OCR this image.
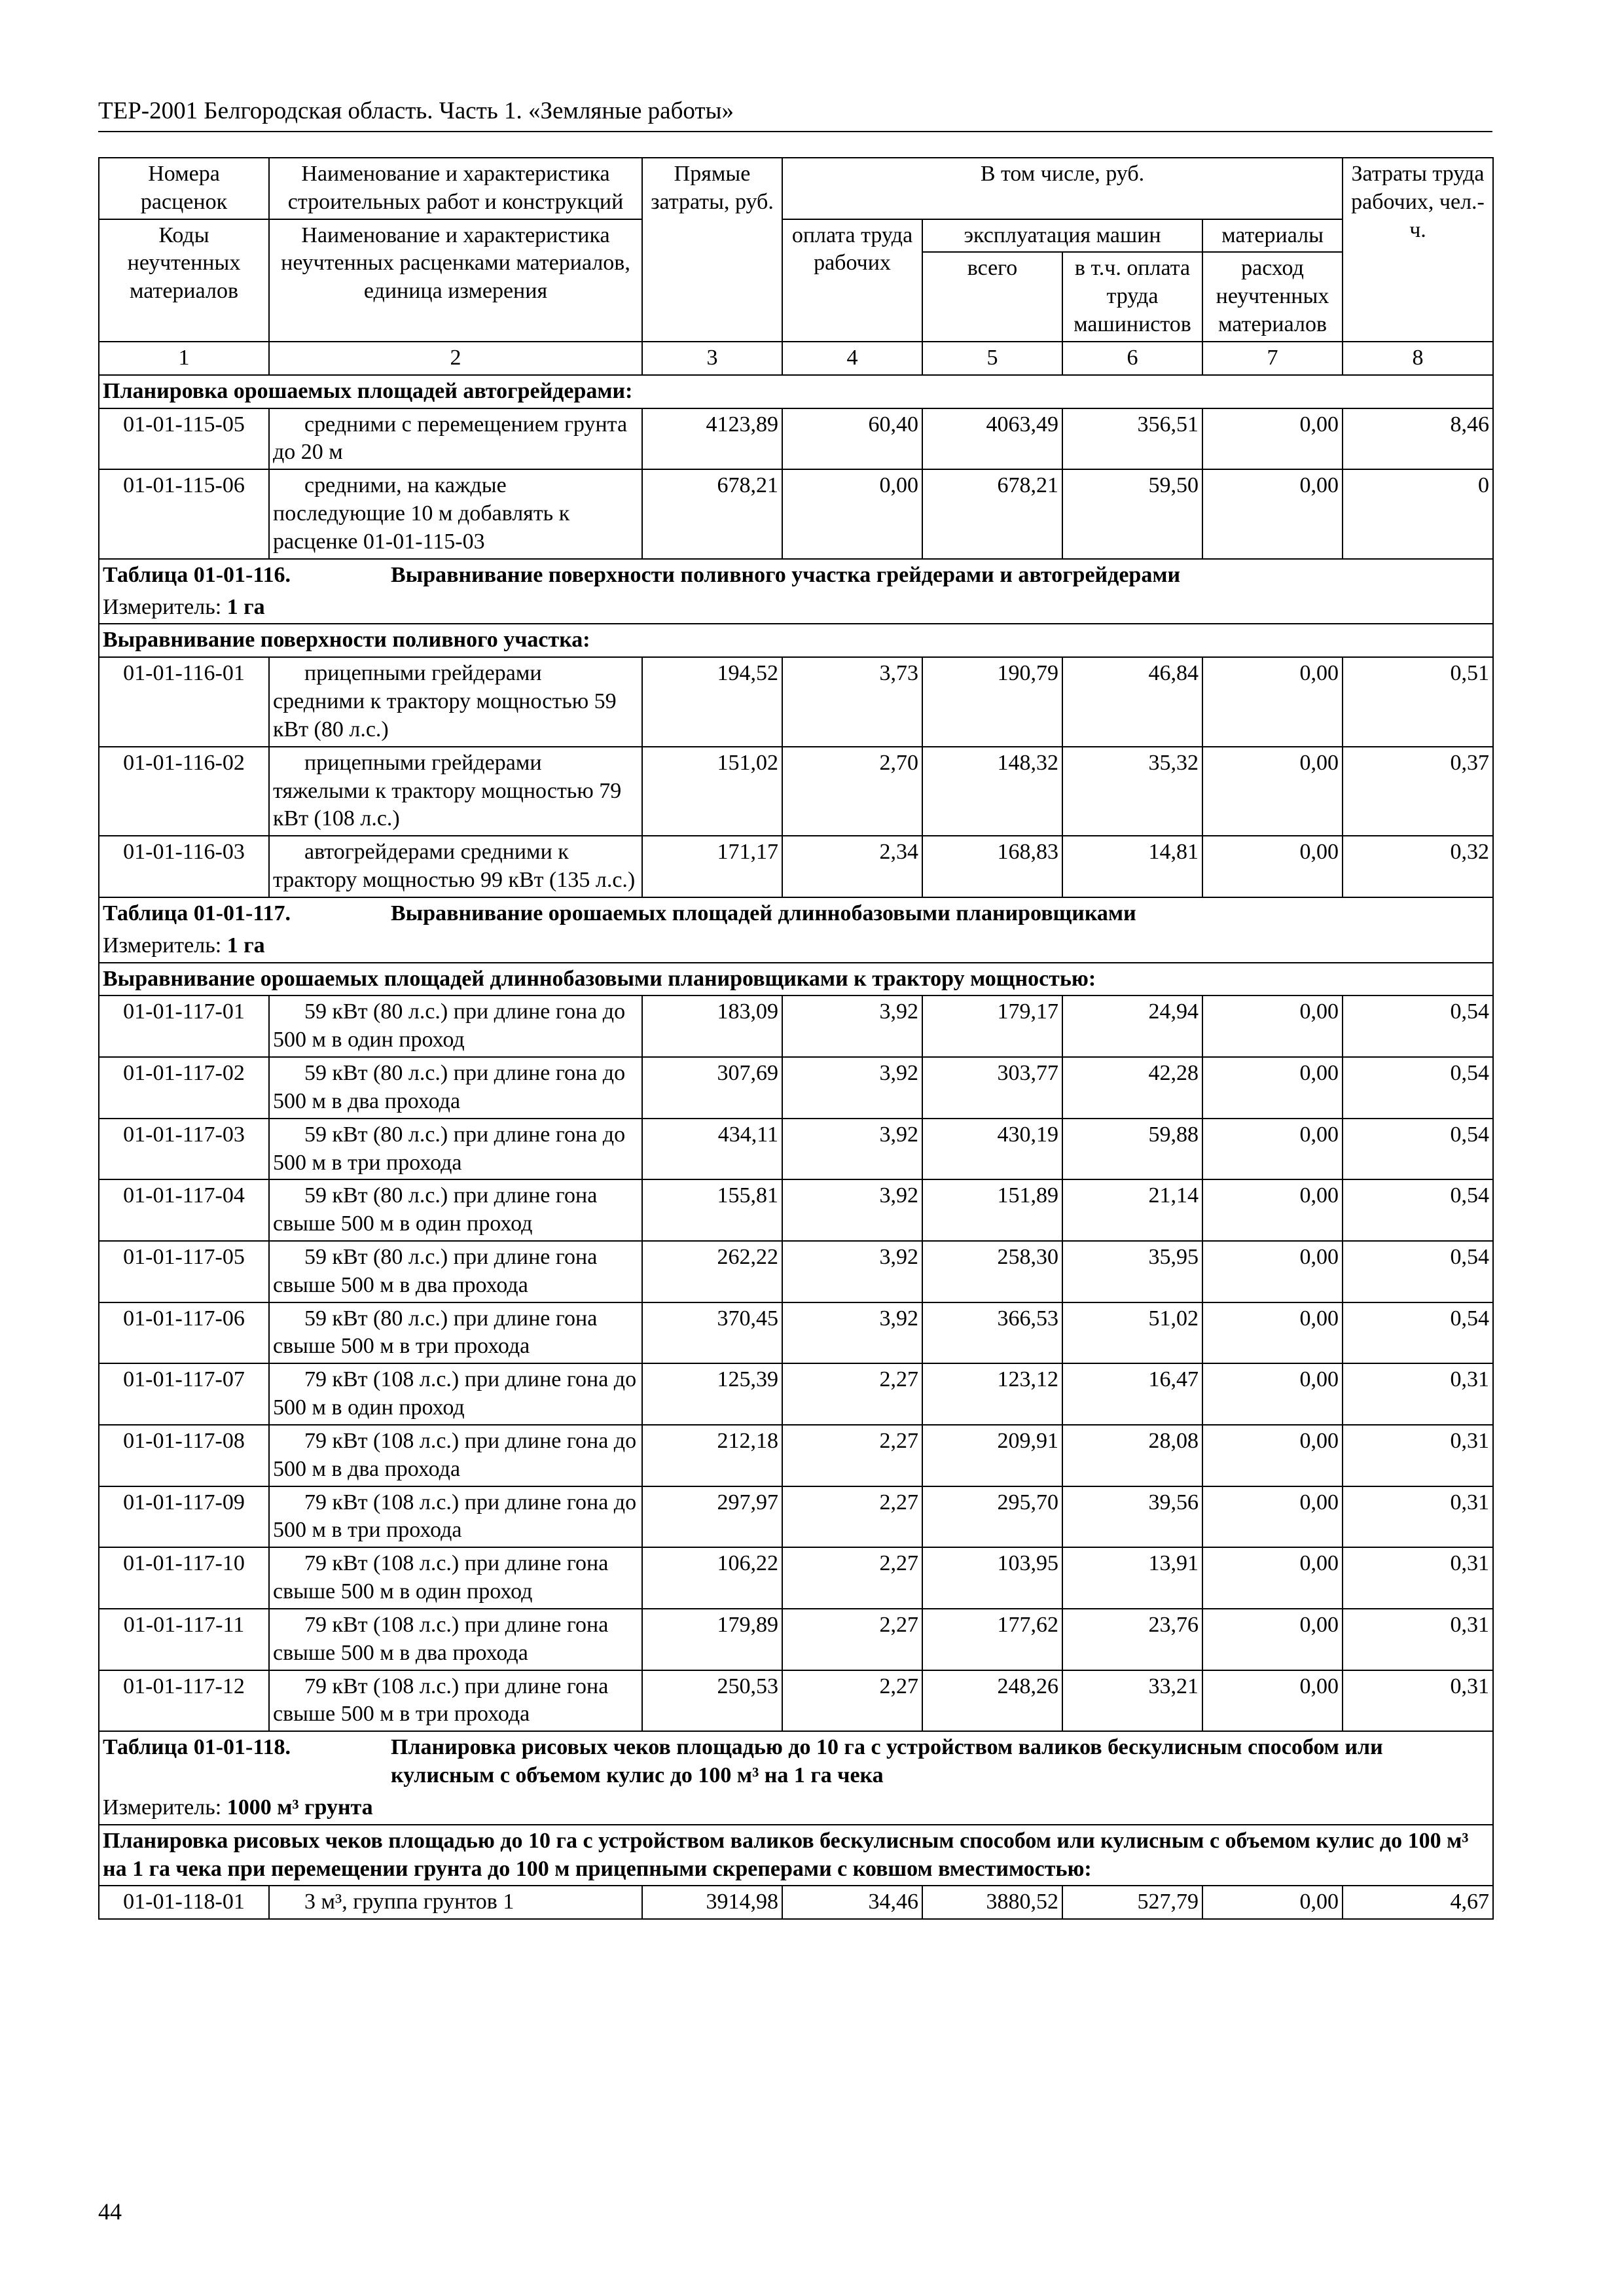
ТЕР-2001 Белгородская область. Часть 1. «Земляные работы»
Номера расценок	Наименование и характеристика строительных работ и конструкций	Прямые затраты, руб.	В том числе, руб.				Затраты труда рабочих, чел.-ч.
Коды неучтенных материалов	Наименование и характеристика неучтенных расценками материалов, единица измерения		оплата труда рабочих	эксплуатация машин		материалы	
				всего	в т.ч. оплата труда машинистов	расход неучтенных материалов	
1	2	3	4	5	6	7	8
Планировка орошаемых площадей автогрейдерами:							
01-01-115-05	средними с перемещением грунта до 20 м	4123,89	60,40	4063,49	356,51	0,00	8,46
01-01-115-06	средними, на каждые последующие 10 м добавлять к расценке 01-01-115-03	678,21	0,00	678,21	59,50	0,00	0
Таблица 01-01-116. Выравнивание поверхности поливного участка грейдерами и автогрейдерами							
Измеритель: 1 га							
Выравнивание поверхности поливного участка:							
01-01-116-01	прицепными грейдерами средними к трактору мощностью 59 кВт (80 л.с.)	194,52	3,73	190,79	46,84	0,00	0,51
01-01-116-02	прицепными грейдерами тяжелыми к трактору мощностью 79 кВт (108 л.с.)	151,02	2,70	148,32	35,32	0,00	0,37
01-01-116-03	автогрейдерами средними к трактору мощностью 99 кВт (135 л.с.)	171,17	2,34	168,83	14,81	0,00	0,32
Таблица 01-01-117. Выравнивание орошаемых площадей длиннобазовыми планировщиками							
Измеритель: 1 га							
Выравнивание орошаемых площадей длиннобазовыми планировщиками к трактору мощностью:							
01-01-117-01	59 кВт (80 л.с.) при длине гона до 500 м в один проход	183,09	3,92	179,17	24,94	0,00	0,54
01-01-117-02	59 кВт (80 л.с.) при длине гона до 500 м в два прохода	307,69	3,92	303,77	42,28	0,00	0,54
01-01-117-03	59 кВт (80 л.с.) при длине гона до 500 м в три прохода	434,11	3,92	430,19	59,88	0,00	0,54
01-01-117-04	59 кВт (80 л.с.) при длине гона свыше 500 м в один проход	155,81	3,92	151,89	21,14	0,00	0,54
01-01-117-05	59 кВт (80 л.с.) при длине гона свыше 500 м в два прохода	262,22	3,92	258,30	35,95	0,00	0,54
01-01-117-06	59 кВт (80 л.с.) при длине гона свыше 500 м в три прохода	370,45	3,92	366,53	51,02	0,00	0,54
01-01-117-07	79 кВт (108 л.с.) при длине гона до 500 м в один проход	125,39	2,27	123,12	16,47	0,00	0,31
01-01-117-08	79 кВт (108 л.с.) при длине гона до 500 м в два прохода	212,18	2,27	209,91	28,08	0,00	0,31
01-01-117-09	79 кВт (108 л.с.) при длине гона до 500 м в три прохода	297,97	2,27	295,70	39,56	0,00	0,31
01-01-117-10	79 кВт (108 л.с.) при длине гона свыше 500 м в один проход	106,22	2,27	103,95	13,91	0,00	0,31
01-01-117-11	79 кВт (108 л.с.) при длине гона свыше 500 м в два прохода	179,89	2,27	177,62	23,76	0,00	0,31
01-01-117-12	79 кВт (108 л.с.) при длине гона свыше 500 м в три прохода	250,53	2,27	248,26	33,21	0,00	0,31
Таблица 01-01-118. Планировка рисовых чеков площадью до 10 га с устройством валиков бескулисным способом или кулисным с объемом кулис до 100 м³ на 1 га чека							
Измеритель: 1000 м³ грунта							
Планировка рисовых чеков площадью до 10 га с устройством валиков бескулисным способом или кулисным с объемом кулис до 100 м³ на 1 га чека при перемещении грунта до 100 м прицепными скреперами с ковшом вместимостью:							
01-01-118-01	3 м³, группа грунтов 1	3914,98	34,46	3880,52	527,79	0,00	4,67
44
